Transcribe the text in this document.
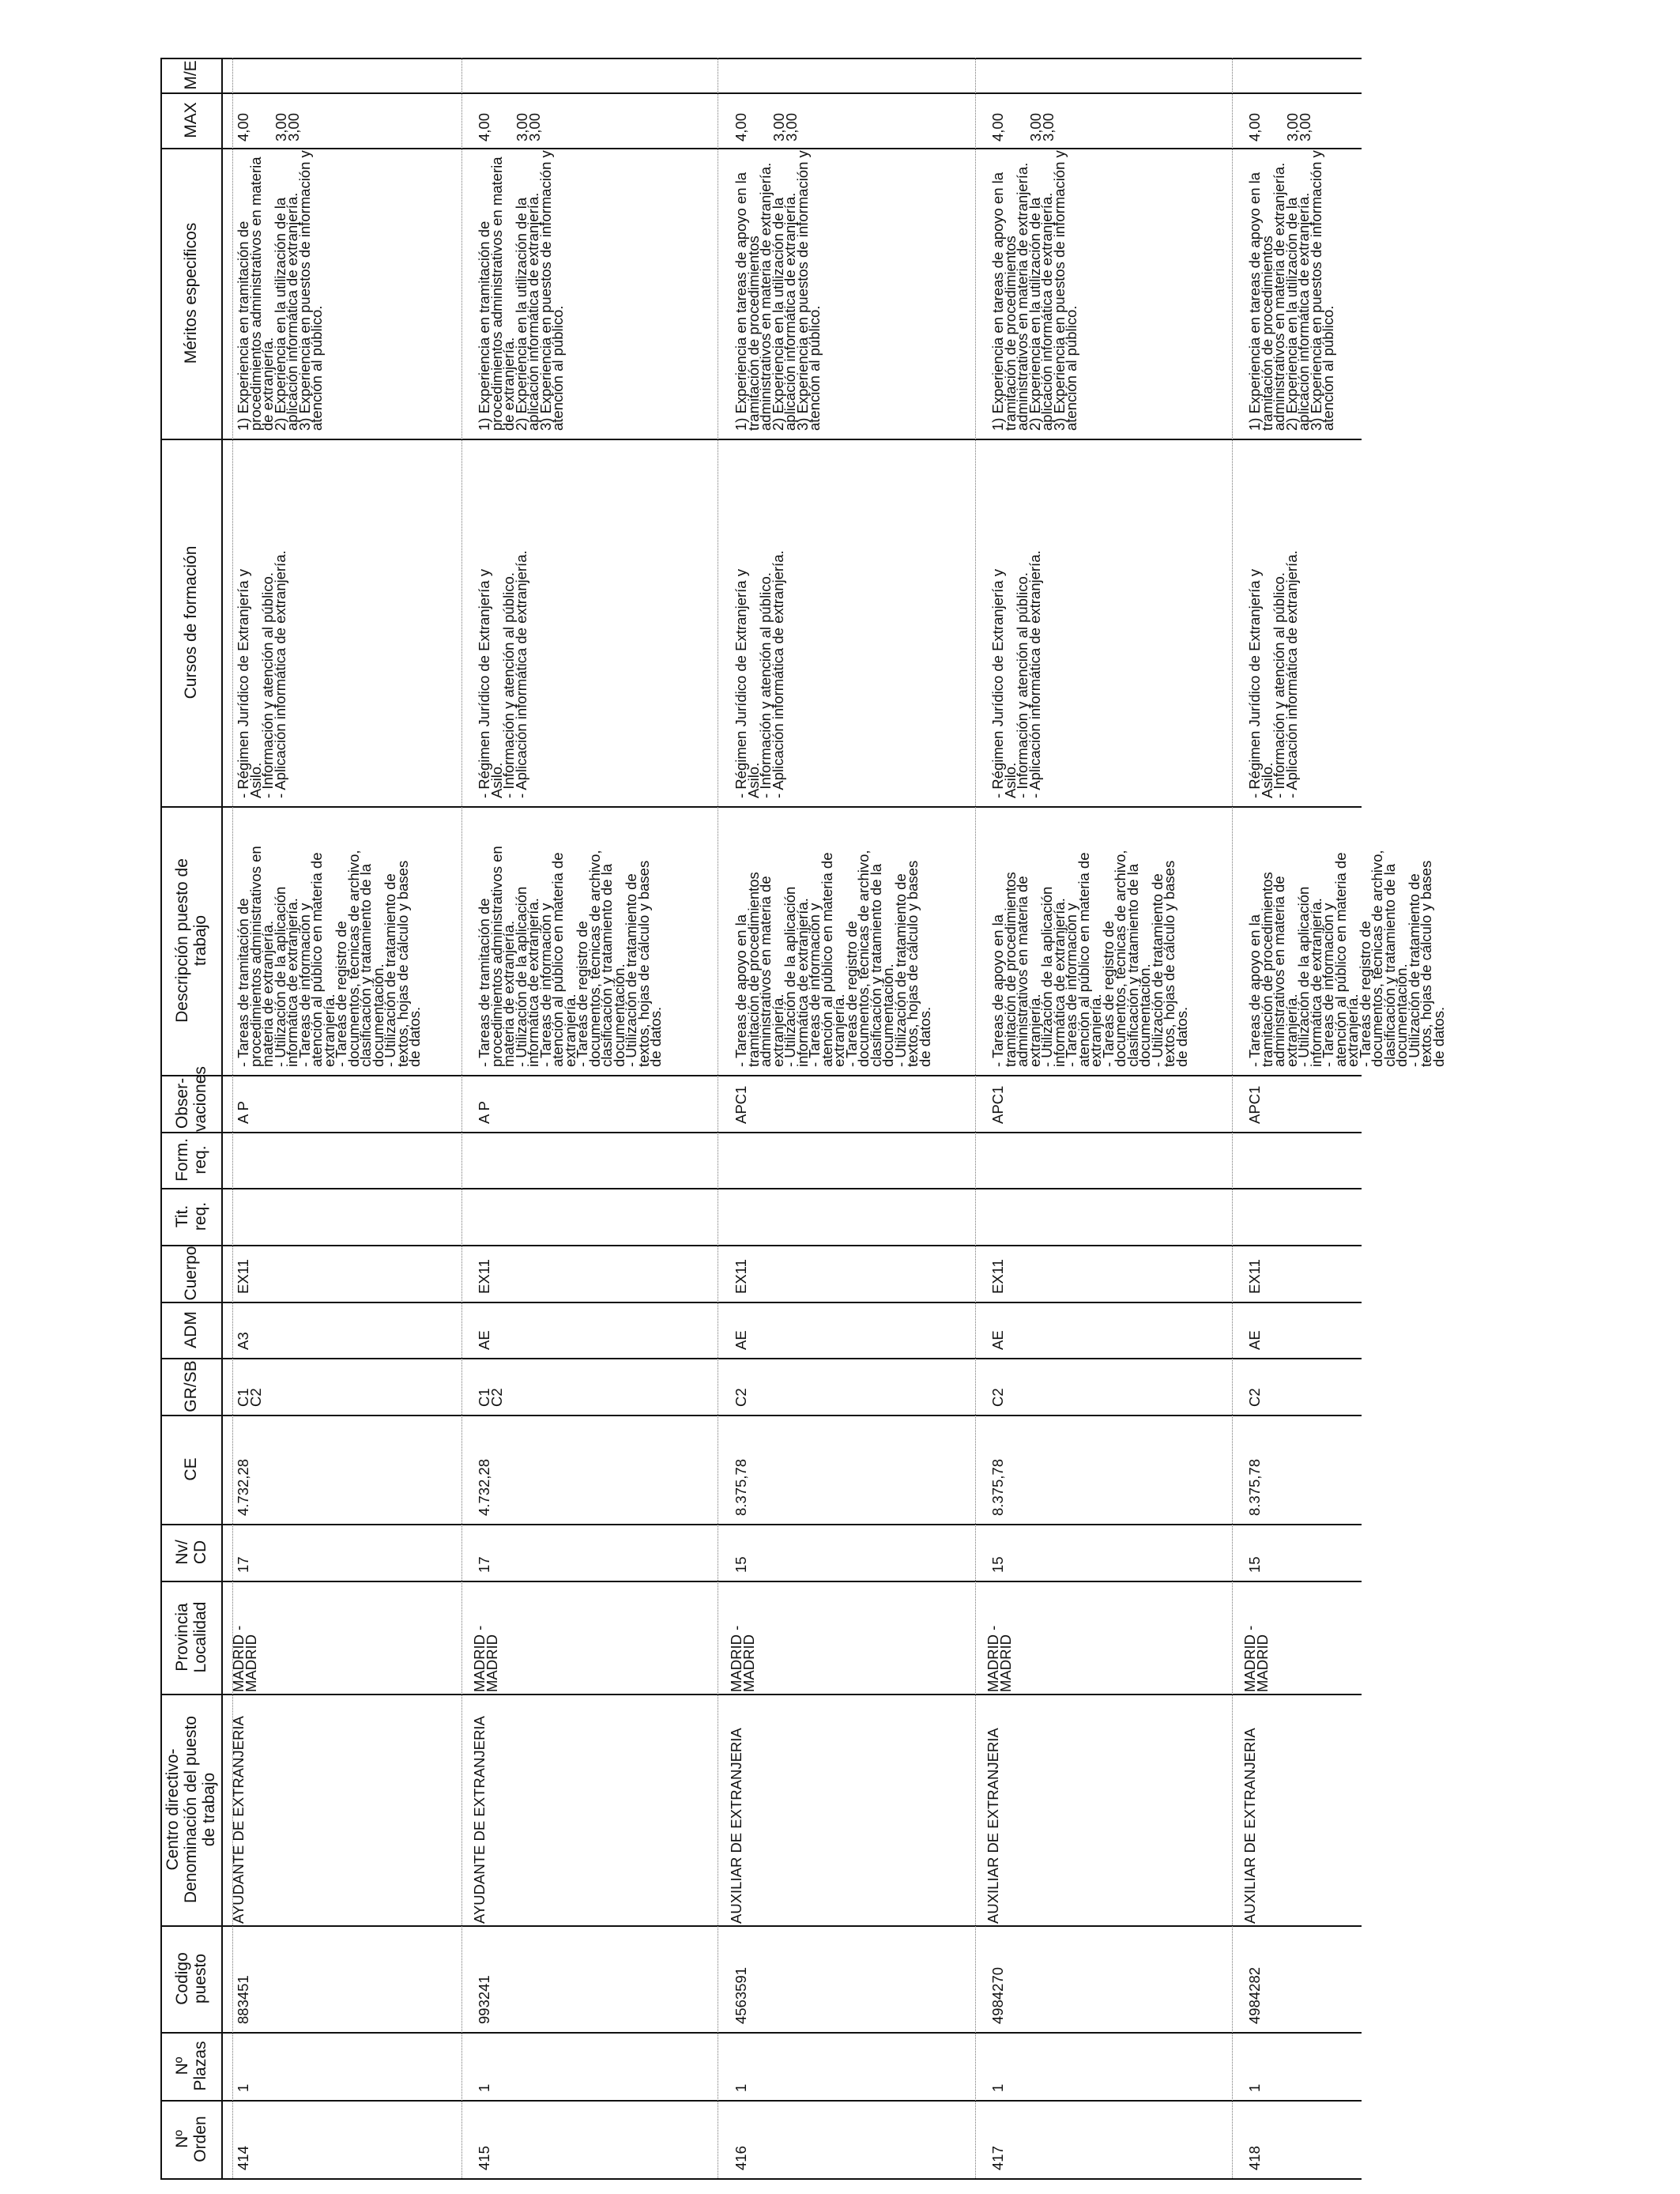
Nº
Orden
Nº
Plazas
Codigo
puesto
Centro directivo-
Denominación del puesto
de trabajo
Provincia
Localidad
Nv/
CD
CE
GR/SB
ADM
Cuerpo
Tit.
req.
Form.
req.
Obser-
vaciones
Descripción puesto de
trabajo
Cursos de formación
Méritos especificos
MAX
M/E
414
1
883451
AYUDANTE DE EXTRANJERIA
MADRID -
MADRID
17
4.732,28
C1
C2
A3
EX11
A P
- Tareas de tramitación de
procedimientos administrativos en
materia de extranjería.
- Utilización de la aplicación
informática de extranjería.
- Tareas de información y
atención al público en materia de
extranjería.
- Tareas de registro de
documentos, técnicas de archivo,
clasificación y tratamiento de la
documentación.
- Utilización de tratamiento de
textos, hojas de cálculo y bases
de datos.
- Régimen Jurídico de Extranjería y
Asilo.
- Información y atención al público.
- Aplicación informática de extranjería.
1) Experiencia en tramitación de
procedimientos administrativos en materia
de extranjería.
2) Experiencia en la utilización de la
aplicación informática de extranjería.
3) Experiencia en puestos de información y
atención al público.
4,00 3,00
3,00
415
1
993241
AYUDANTE DE EXTRANJERIA
MADRID -
MADRID
17
4.732,28
C1
C2
AE
EX11
A P
- Tareas de tramitación de
procedimientos administrativos en
materia de extranjería.
- Utilización de la aplicación
informática de extranjería.
- Tareas de información y
atención al público en materia de
extranjería.
- Tareas de registro de
documentos, técnicas de archivo,
clasificación y tratamiento de la
documentación.
- Utilización de tratamiento de
textos, hojas de cálculo y bases
de datos.
- Régimen Jurídico de Extranjería y
Asilo.
- Información y atención al público.
- Aplicación informática de extranjería.
1) Experiencia en tramitación de
procedimientos administrativos en materia
de extranjería.
2) Experiencia en la utilización de la
aplicación informática de extranjería.
3) Experiencia en puestos de información y
atención al público.
4,00 3,00
3,00
416
1
4563591
AUXILIAR DE EXTRANJERIA
MADRID -
MADRID
15
8.375,78
C2
AE
EX11
APC1
- Tareas de apoyo en la
tramitación de procedimientos
administrativos en materia de
extranjería.
- Utilización de la aplicación
informática de extranjería.
- Tareas de información y
atención al público en materia de
extranjería.
- Tareas de registro de
documentos, técnicas de archivo,
clasificación y tratamiento de la
documentación.
- Utilización de tratamiento de
textos, hojas de cálculo y bases
de datos.
- Régimen Jurídico de Extranjería y
Asilo.
- Información y atención al público.
- Aplicación informática de extranjería.
1) Experiencia en tareas de apoyo en la
tramitación de procedimientos
administrativos en materia de extranjería.
2) Experiencia en la utilización de la
aplicación informática de extranjería.
3) Experiencia en puestos de información y
atención al público.
4,00 3,00
3,00
417
1
4984270
AUXILIAR DE EXTRANJERIA
MADRID -
MADRID
15
8.375,78
C2
AE
EX11
APC1
- Tareas de apoyo en la
tramitación de procedimientos
administrativos en materia de
extranjería.
- Utilización de la aplicación
informática de extranjería.
- Tareas de información y
atención al público en materia de
extranjería.
- Tareas de registro de
documentos, técnicas de archivo,
clasificación y tratamiento de la
documentación.
- Utilización de tratamiento de
textos, hojas de cálculo y bases
de datos.
- Régimen Jurídico de Extranjería y
Asilo.
- Información y atención al público.
- Aplicación informática de extranjería.
1) Experiencia en tareas de apoyo en la
tramitación de procedimientos
administrativos en materia de extranjería.
2) Experiencia en la utilización de la
aplicación informática de extranjería.
3) Experiencia en puestos de información y
atención al público.
4,00 3,00
3,00
418
1
4984282
AUXILIAR DE EXTRANJERIA
MADRID -
MADRID
15
8.375,78
C2
AE
EX11
APC1
- Tareas de apoyo en la
tramitación de procedimientos
administrativos en materia de
extranjería.
- Utilización de la aplicación
informática de extranjería.
- Tareas de información y
atención al público en materia de
extranjería.
- Tareas de registro de
documentos, técnicas de archivo,
clasificación y tratamiento de la
documentación.
- Utilización de tratamiento de
textos, hojas de cálculo y bases
de datos.
- Régimen Jurídico de Extranjería y
Asilo.
- Información y atención al público.
- Aplicación informática de extranjería.
1) Experiencia en tareas de apoyo en la
tramitación de procedimientos
administrativos en materia de extranjería.
2) Experiencia en la utilización de la
aplicación informática de extranjería.
3) Experiencia en puestos de información y
atención al público.
4,00 3,00
3,00
